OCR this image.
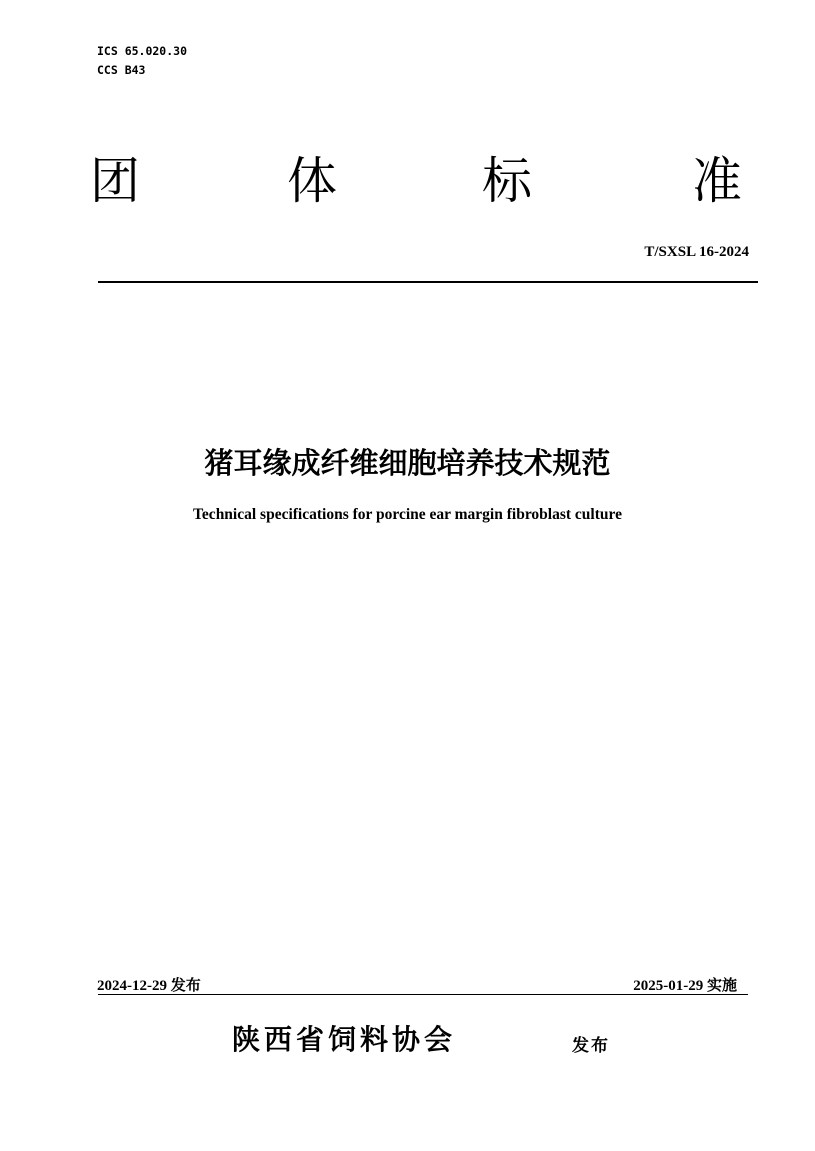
ICS 65.020.30
CCS B43
团	体	标	准
T/SXSL 16-2024
猪耳缘成纤维细胞培养技术规范
Technical specifications for porcine ear margin fibroblast culture
2024-12-29 发布	2025-01-29 实施
陕西省饲料协会	发布
